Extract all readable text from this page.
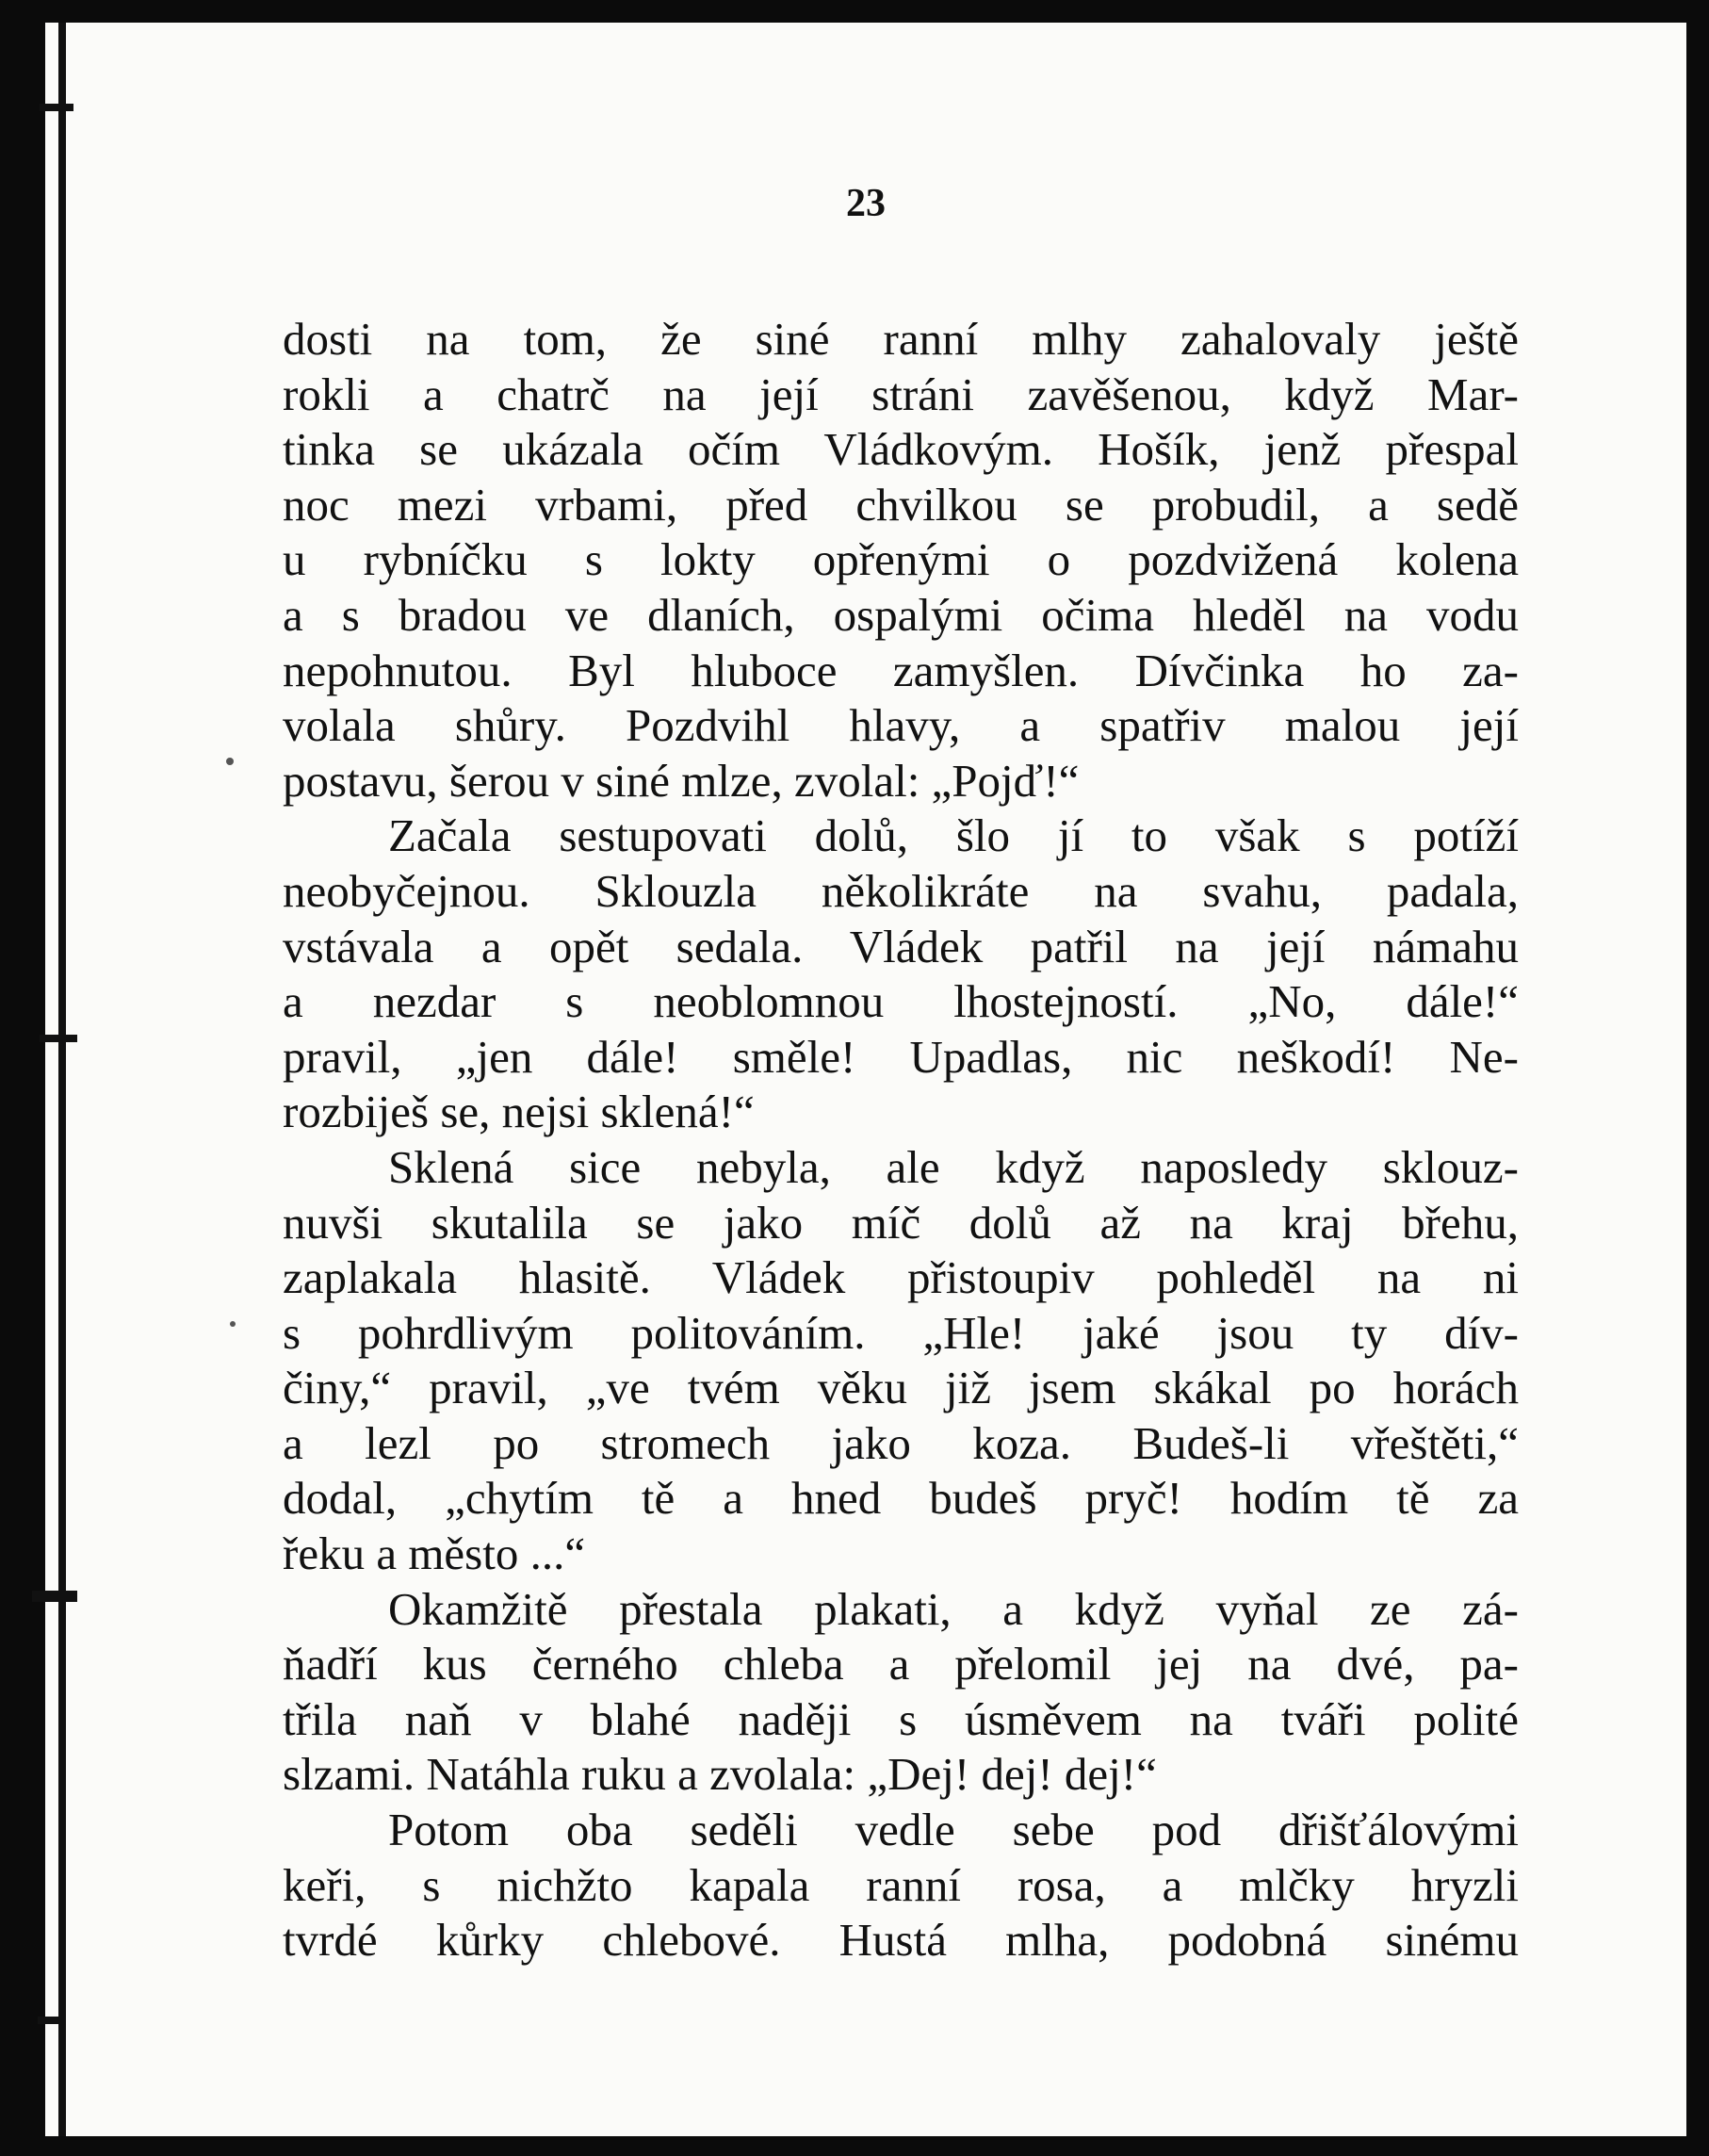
23
dosti na tom, že siné ranní mlhy zahalovaly ještě
rokli a chatrč na její stráni zavěšenou, když Mar-
tinka se ukázala očím Vládkovým. Hošík, jenž přespal
noc mezi vrbami, před chvilkou se probudil, a sedě
u rybníčku s lokty opřenými o pozdvižená kolena
a s bradou ve dlaních, ospalými očima hleděl na vodu
nepohnutou. Byl hluboce zamyšlen. Dívčinka ho za-
volala shůry. Pozdvihl hlavy, a spatřiv malou její
postavu, šerou v siné mlze, zvolal: „Pojď!“
Začala sestupovati dolů, šlo jí to však s potíží
neobyčejnou. Sklouzla několikráte na svahu, padala,
vstávala a opět sedala. Vládek patřil na její námahu
a nezdar s neoblomnou lhostejností. „No, dále!“
pravil, „jen dále! směle! Upadlas, nic neškodí! Ne-
rozbiješ se, nejsi sklená!“
Sklená sice nebyla, ale když naposledy sklouz-
nuvši skutalila se jako míč dolů až na kraj břehu,
zaplakala hlasitě. Vládek přistoupiv pohleděl na ni
s pohrdlivým politováním. „Hle! jaké jsou ty dív-
činy,“ pravil, „ve tvém věku již jsem skákal po horách
a lezl po stromech jako koza. Budeš-li vřeštěti,“
dodal, „chytím tě a hned budeš pryč! hodím tě za
řeku a město ...“
Okamžitě přestala plakati, a když vyňal ze zá-
ňadří kus černého chleba a přelomil jej na dvé, pa-
třila naň v blahé naději s úsměvem na tváři polité
slzami. Natáhla ruku a zvolala: „Dej! dej! dej!“
Potom oba seděli vedle sebe pod dřišťálovými
keři, s nichžto kapala ranní rosa, a mlčky hryzli
tvrdé kůrky chlebové. Hustá mlha, podobná sinému
